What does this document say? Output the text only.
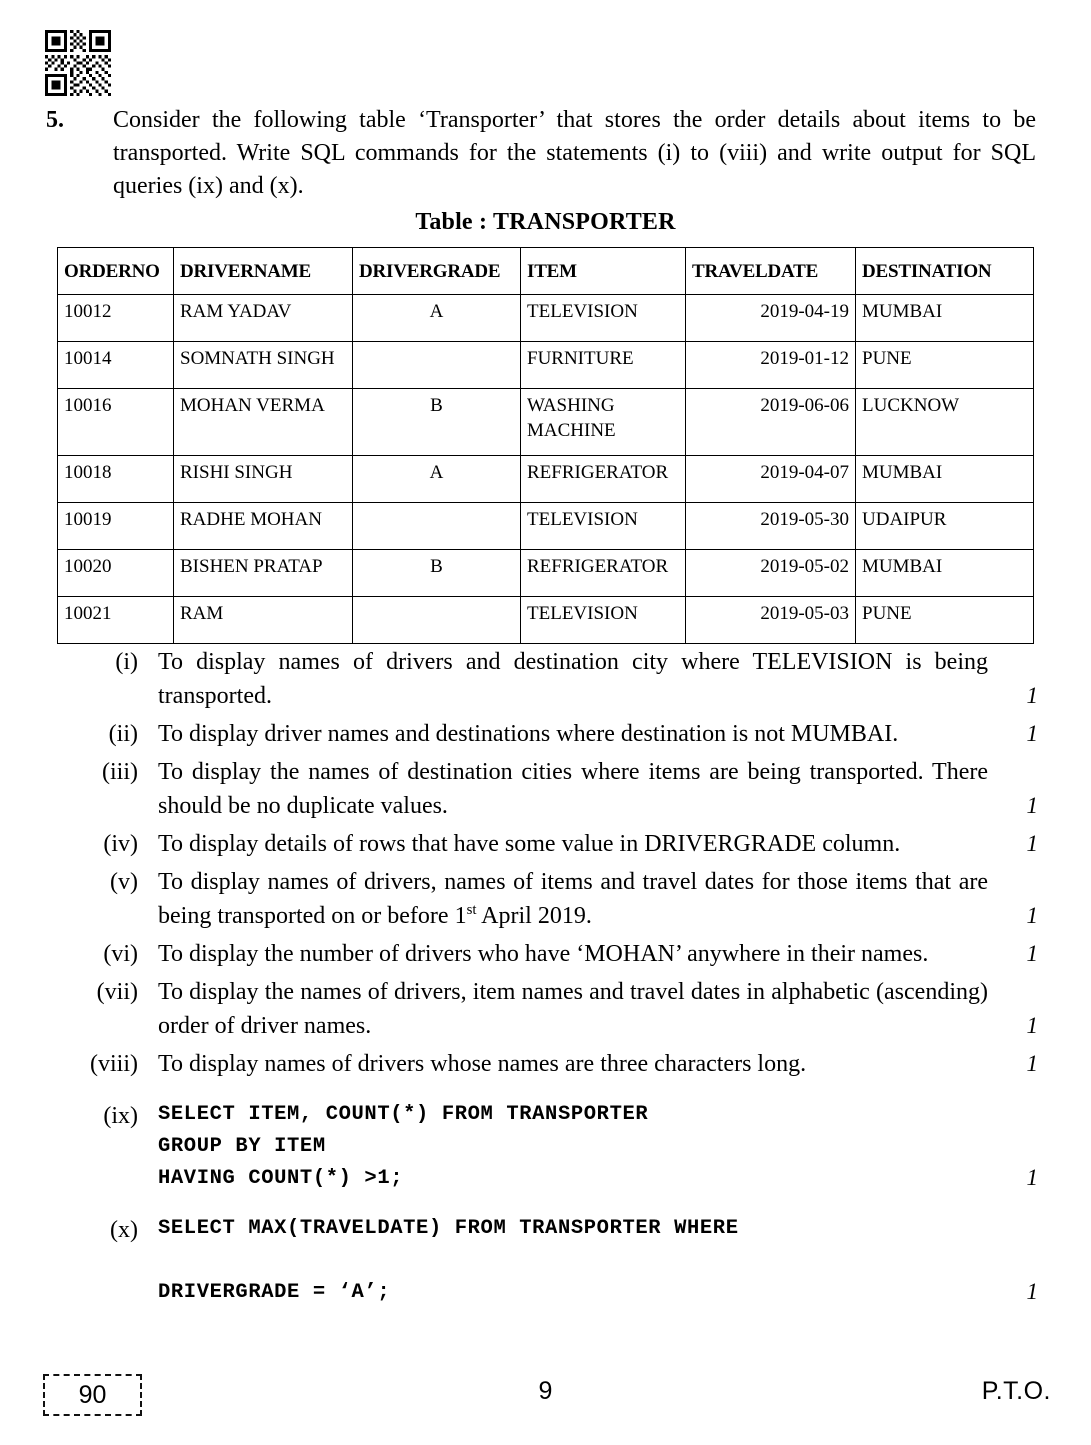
5.	Consider the following table ‘Transporter’ that stores the order details about items to be transported. Write SQL commands for the statements (i) to (viii) and write output for SQL queries (ix) and (x).

Table : TRANSPORTER
ORDERNO	DRIVERNAME	DRIVERGRADE	ITEM	TRAVELDATE	DESTINATION
10012	RAM YADAV	A	TELEVISION	2019-04-19	MUMBAI
10014	SOMNATH SINGH		FURNITURE	2019-01-12	PUNE
10016	MOHAN VERMA	B	WASHING MACHINE	2019-06-06	LUCKNOW
10018	RISHI SINGH	A	REFRIGERATOR	2019-04-07	MUMBAI
10019	RADHE MOHAN		TELEVISION	2019-05-30	UDAIPUR
10020	BISHEN PRATAP	B	REFRIGERATOR	2019-05-02	MUMBAI
10021	RAM		TELEVISION	2019-05-03	PUNE
(i) To display names of drivers and destination city where TELEVISION is being transported.	1
(ii) To display driver names and destinations where destination is not MUMBAI.	1
(iii) To display the names of destination cities where items are being transported. There should be no duplicate values.	1
(iv) To display details of rows that have some value in DRIVERGRADE column.	1
(v) To display names of drivers, names of items and travel dates for those items that are being transported on or before 1st April 2019.	1
(vi) To display the number of drivers who have ‘MOHAN’ anywhere in their names.	1
(vii) To display the names of drivers, item names and travel dates in alphabetic (ascending) order of driver names.	1
(viii) To display names of drivers whose names are three characters long.	1
(ix) SELECT ITEM, COUNT(*) FROM TRANSPORTER
GROUP BY ITEM
HAVING COUNT(*) >1;	1
(x) SELECT MAX(TRAVELDATE) FROM TRANSPORTER WHEREDRIVERGRADE = ‘A’;	1
90	9	P.T.O.
